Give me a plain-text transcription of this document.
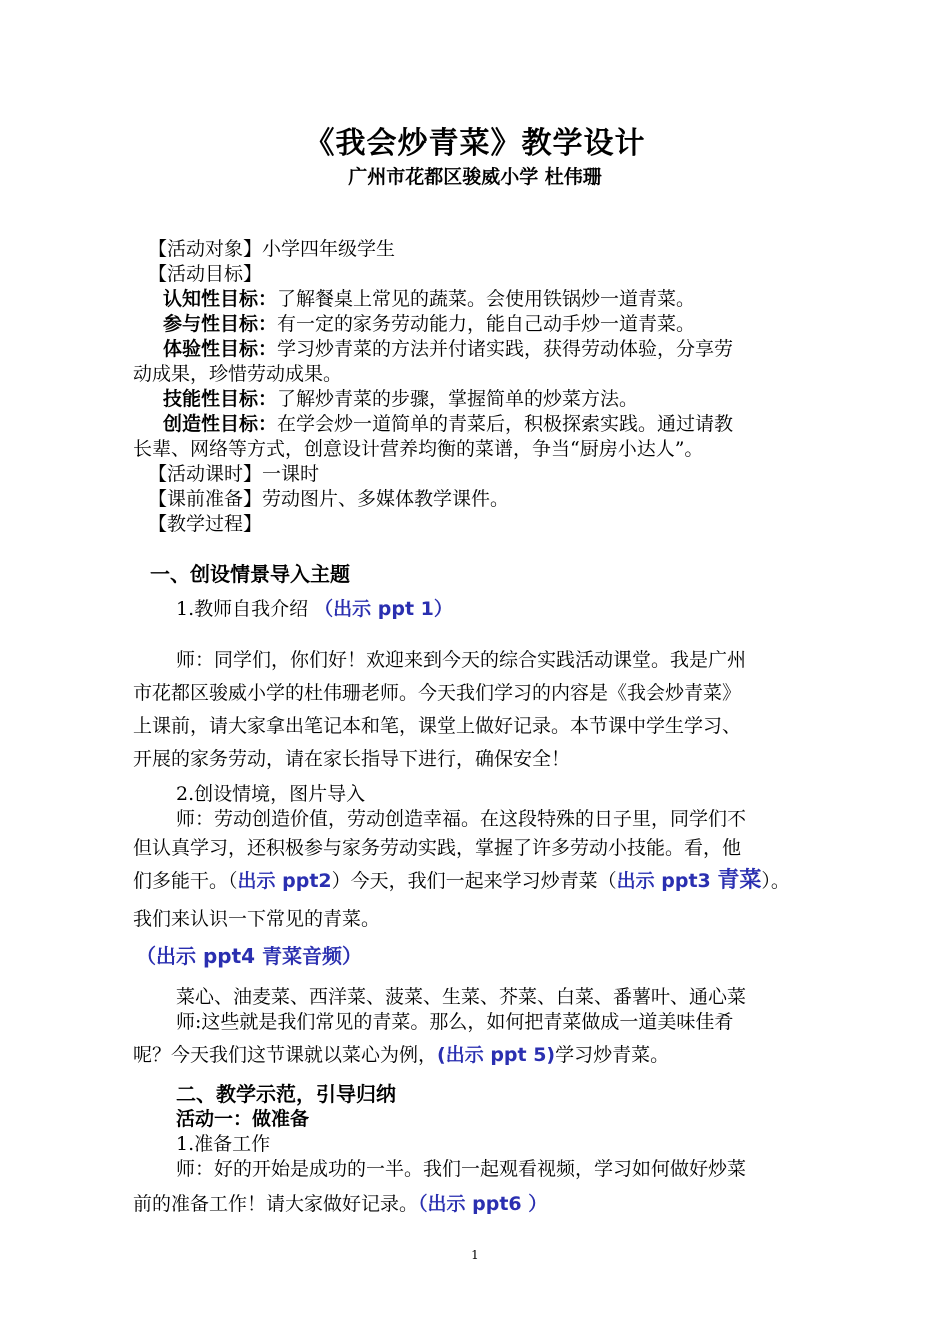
《我会炒青菜》教学设计
广州市花都区骏威小学 杜伟珊
【活动对象】小学四年级学生
【活动目标】
认知性目标：了解餐桌上常见的蔬菜。会使用铁锅炒一道青菜。
参与性目标：有一定的家务劳动能力，能自己动手炒一道青菜。
体验性目标：学习炒青菜的方法并付诸实践，获得劳动体验，分享劳
动成果，珍惜劳动成果。
技能性目标：了解炒青菜的步骤，掌握简单的炒菜方法。
创造性目标：在学会炒一道简单的青菜后，积极探索实践。通过请教
长辈、网络等方式，创意设计营养均衡的菜谱，争当“厨房小达人”。
【活动课时】一课时
【课前准备】劳动图片、多媒体教学课件。
【教学过程】
一、创设情景导入主题
1.教师自我介绍 （出示 ppt 1）
师：同学们，你们好！欢迎来到今天的综合实践活动课堂。我是广州
市花都区骏威小学的杜伟珊老师。今天我们学习的内容是《我会炒青菜》
上课前，请大家拿出笔记本和笔，课堂上做好记录。本节课中学生学习、
开展的家务劳动，请在家长指导下进行，确保安全！
2.创设情境，图片导入
师：劳动创造价值，劳动创造幸福。在这段特殊的日子里，同学们不
但认真学习，还积极参与家务劳动实践，掌握了许多劳动小技能。看，他
们多能干。（出示 ppt2）今天，我们一起来学习炒青菜（出示 ppt3 青菜）。
我们来认识一下常见的青菜。
（出示 ppt4 青菜音频）
菜心、油麦菜、西洋菜、菠菜、生菜、芥菜、白菜、番薯叶、通心菜
师:这些就是我们常见的青菜。那么，如何把青菜做成一道美味佳肴
呢？今天我们这节课就以菜心为例，(出示 ppt 5)学习炒青菜。
二、教学示范，引导归纳
活动一：做准备
1.准备工作
师：好的开始是成功的一半。我们一起观看视频，学习如何做好炒菜
前的准备工作！请大家做好记录。（出示 ppt6 ）
1
